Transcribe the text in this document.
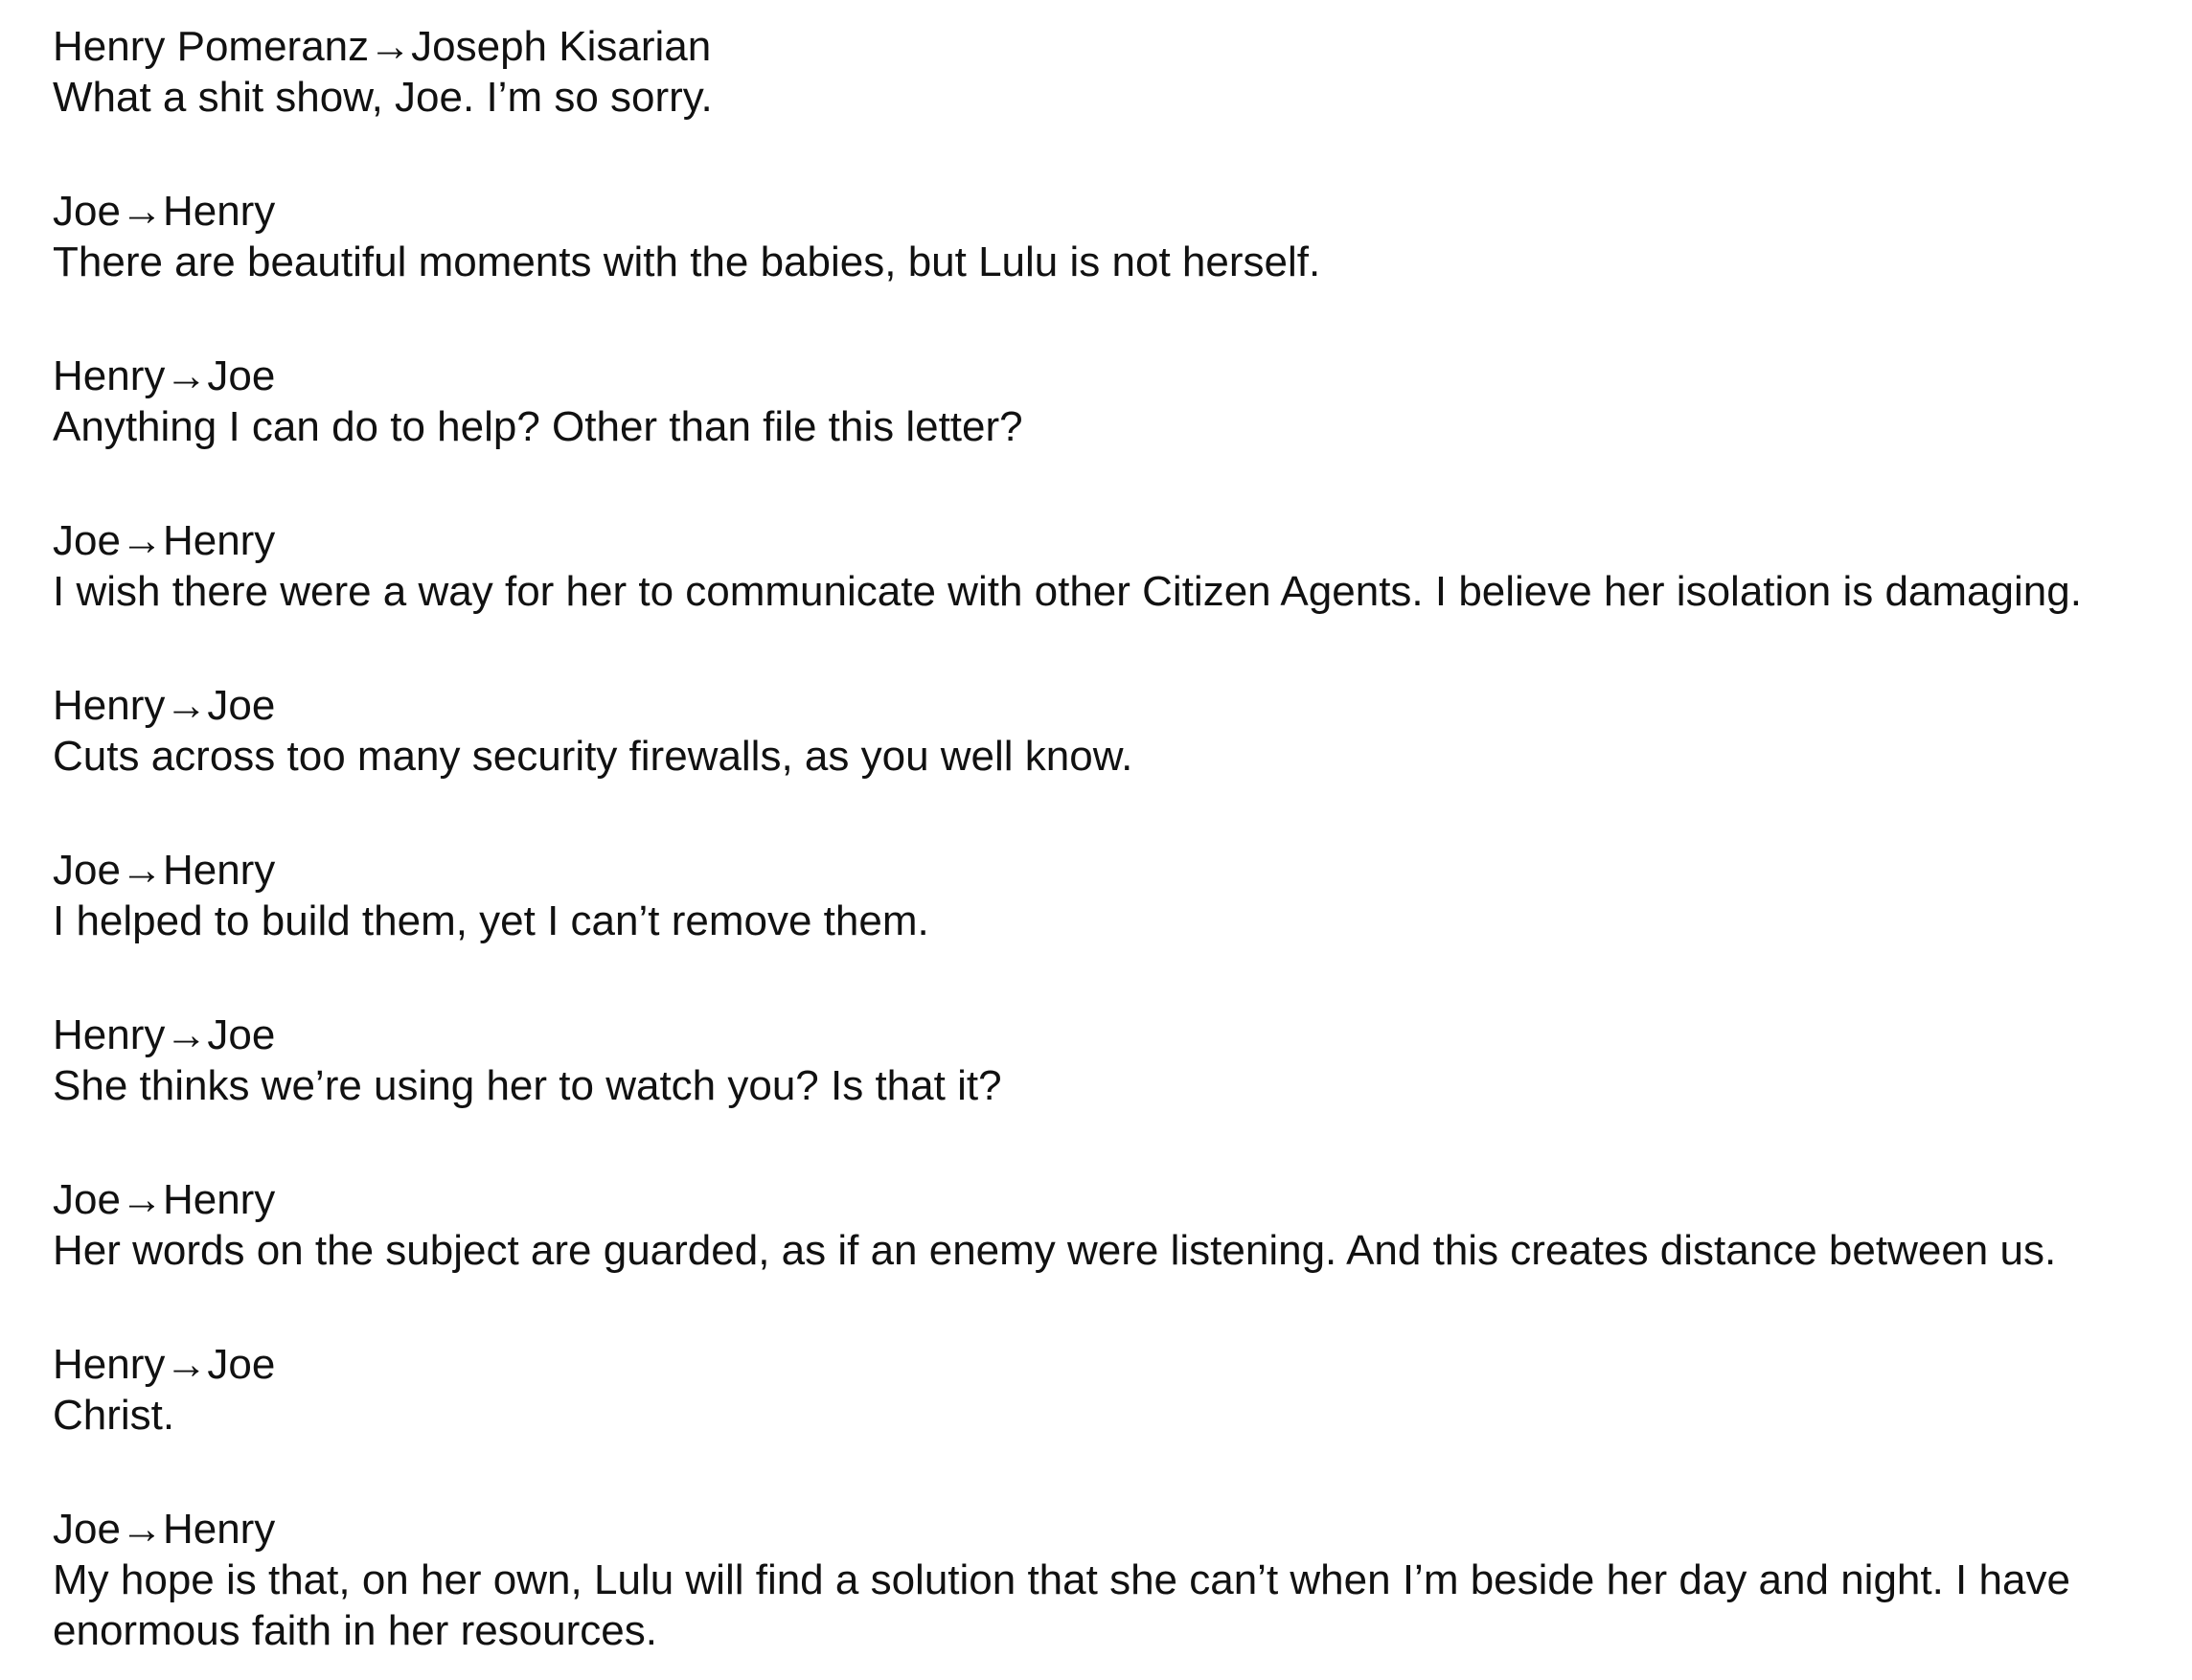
Henry Pomeranz→Joseph Kisarian
What a shit show, Joe. I’m so sorry.
Joe→Henry
There are beautiful moments with the babies, but Lulu is not herself.
Henry→Joe
Anything I can do to help? Other than file this letter?
Joe→Henry
I wish there were a way for her to communicate with other Citizen Agents. I believe her isolation is damaging.
Henry→Joe
Cuts across too many security firewalls, as you well know.
Joe→Henry
I helped to build them, yet I can’t remove them.
Henry→Joe
She thinks we’re using her to watch you? Is that it?
Joe→Henry
Her words on the subject are guarded, as if an enemy were listening. And this creates distance between us.
Henry→Joe
Christ.
Joe→Henry
My hope is that, on her own, Lulu will find a solution that she can’t when I’m beside her day and night. I have enormous faith in her resources.
